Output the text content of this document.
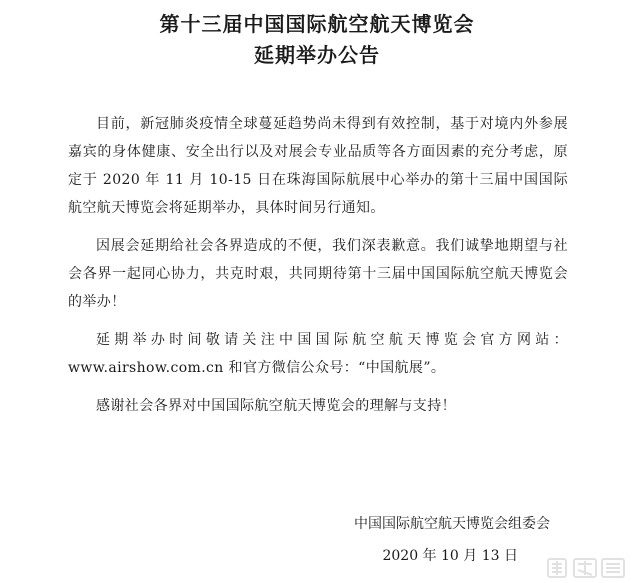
第十三届中国国际航空航天博览会
延期举办公告

目前，新冠肺炎疫情全球蔓延趋势尚未得到有效控制，基于对境内外参展嘉宾的身体健康、安全出行以及对展会专业品质等各方面因素的充分考虑，原定于 2020 年 11 月 10-15 日在珠海国际航展中心举办的第十三届中国国际航空航天博览会将延期举办，具体时间另行通知。

因展会延期给社会各界造成的不便，我们深表歉意。我们诚挚地期望与社会各界一起同心协力，共克时艰，共同期待第十三届中国国际航空航天博览会的举办！

延期举办时间敬请关注中国国际航空航天博览会官方网站：www.airshow.com.cn 和官方微信公众号：“中国航展”。

感谢社会各界对中国国际航空航天博览会的理解与支持！

中国国际航空航天博览会组委会
2020 年 10 月 13 日
